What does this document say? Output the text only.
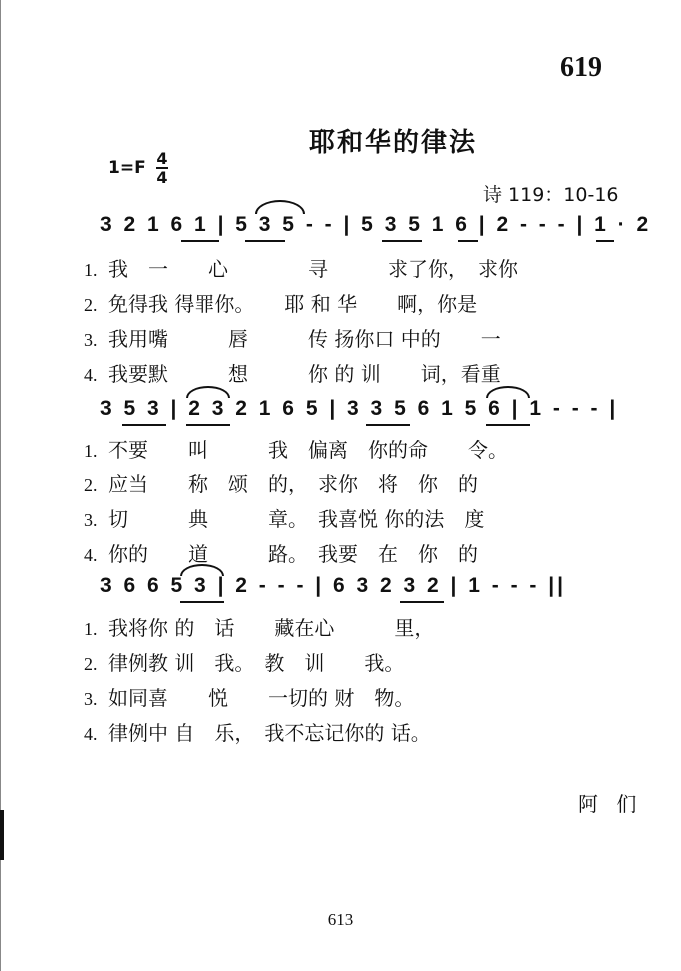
619
耶和华的律法
1=F 4
4
诗 119：10-16
3 2 1 6 1 | 5 3 5 - - | 5 3 5 1 6 | 2 - - - | 1 · 2
1. 我　一　　心　　　　寻　　　求了你，　求你
2. 免得我 得罪你。　　耶 和 华　　啊，你是
3. 我用嘴　　　唇　　　传 扬你口 中的　　一
4. 我要默　　　想　　　你 的 训　　词，看重
3 5 3 | 2 3 2 1 6 5 | 3 3 5 6 1 5 6 | 1 - - - |
1. 不要　　叫　　　我　偏离　你的命　　令。
2. 应当　　称　颂　的，　求你　将　你　的
3. 切　　　典　　　章。　我喜悦 你的法　度
4. 你的　　道　　　路。　我要　在　你　的
3 6 6 5 3 | 2 - - - | 6 3 2 3 2 | 1 - - - ||
1. 我将你 的　话　　藏在心　　　里，
2. 律例教 训　我。　教　训　　我。
3. 如同喜　　悦　　一切的 财　物。
4. 律例中 自　乐，　我不忘记你的 话。
阿 们
613
